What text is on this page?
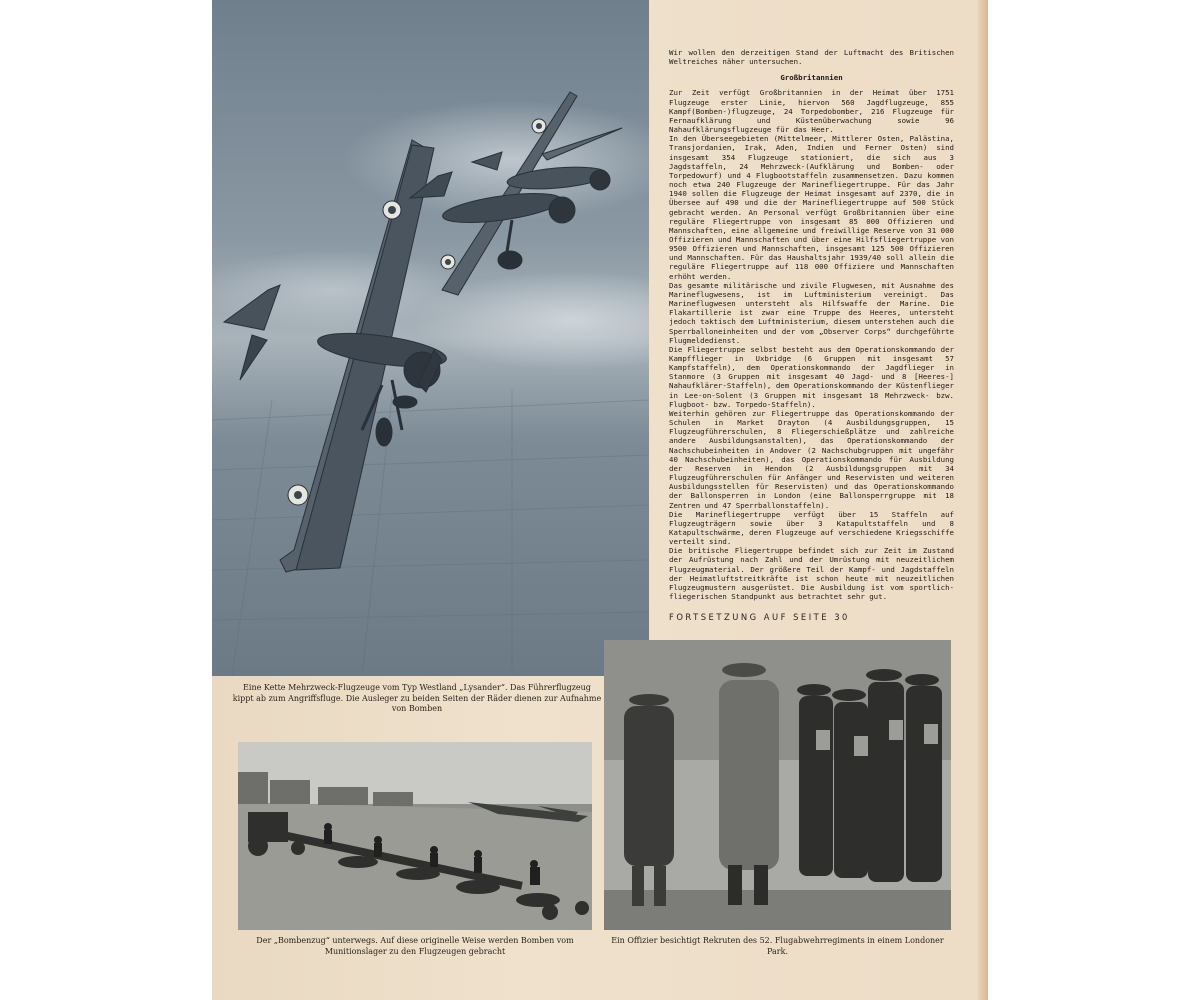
Wir wollen den derzeitigen Stand der Luftmacht des Britischen Weltreiches näher untersuchen.

Großbritannien

Zur Zeit verfügt Großbritannien in der Heimat über 1751 Flugzeuge erster Linie, hiervon 560 Jagdflugzeuge, 855 Kampf(Bomben-)flugzeuge, 24 Torpedobomber, 216 Flugzeuge für Fernaufklärung und Küstenüberwachung sowie 96 Nahaufklärungsflugzeuge für das Heer.

In den Überseegebieten (Mittelmeer, Mittlerer Osten, Palästina, Transjordanien, Irak, Aden, Indien und Ferner Osten) sind insgesamt 354 Flugzeuge stationiert, die sich aus 3 Jagdstaffeln, 24 Mehrzweck-(Aufklärung und Bomben- oder Torpedowurf) und 4 Flugbootstaffeln zusammensetzen. Dazu kommen noch etwa 240 Flugzeuge der Marinefliegertruppe. Für das Jahr 1940 sollen die Flugzeuge der Heimat insgesamt auf 2370, die in Übersee auf 490 und die der Marinefliegertruppe auf 500 Stück gebracht werden. An Personal verfügt Großbritannien über eine reguläre Fliegertruppe von insgesamt 85 000 Offizieren und Mannschaften, eine allgemeine und freiwillige Reserve von 31 000 Offizieren und Mannschaften und über eine Hilfsfliegertruppe von 9500 Offizieren und Mannschaften, insgesamt 125 500 Offizieren und Mannschaften. Für das Haushaltsjahr 1939/40 soll allein die reguläre Fliegertruppe auf 118 000 Offiziere und Mannschaften erhöht werden.

Das gesamte militärische und zivile Flugwesen, mit Ausnahme des Marineflugwesens, ist im Luftministerium vereinigt. Das Marineflugwesen untersteht als Hilfswaffe der Marine. Die Flakartillerie ist zwar eine Truppe des Heeres, untersteht jedoch taktisch dem Luftministerium, diesem unterstehen auch die Sperrballoneinheiten und der vom „Observer Corps“ durchgeführte Flugmeldedienst.

Die Fliegertruppe selbst besteht aus dem Operationskommando der Kampfflieger in Uxbridge (6 Gruppen mit insgesamt 57 Kampfstaffeln), dem Operationskommando der Jagdflieger in Stanmore (3 Gruppen mit insgesamt 40 Jagd- und 8 [Heeres-] Nahaufklärer-Staffeln), dem Operationskommando der Küstenflieger in Lee-on-Solent (3 Gruppen mit insgesamt 18 Mehrzweck- bzw. Flugboot- bzw. Torpedo-Staffeln).

Weiterhin gehören zur Fliegertruppe das Operationskommando der Schulen in Market Drayton (4 Ausbildungsgruppen, 15 Flugzeugführerschulen, 8 Fliegerschießplätze und zahlreiche andere Ausbildungsanstalten), das Operationskommando der Nachschubeinheiten in Andover (2 Nachschubgruppen mit ungefähr 40 Nachschubeinheiten), das Operationskommando für Ausbildung der Reserven in Hendon (2 Ausbildungsgruppen mit 34 Flugzeugführerschulen für Anfänger und Reservisten und weiteren Ausbildungsstellen für Reservisten) und das Operationskommando der Ballonsperren in London (eine Ballonsperrgruppe mit 18 Zentren und 47 Sperrballonstaffeln).

Die Marinefliegertruppe verfügt über 15 Staffeln auf Flugzeugträgern sowie über 3 Katapultstaffeln und 8 Katapultschwärme, deren Flugzeuge auf verschiedene Kriegsschiffe verteilt sind.

Die britische Fliegertruppe befindet sich zur Zeit im Zustand der Aufrüstung nach Zahl und der Umrüstung mit neuzeitlichem Flugzeugmaterial. Der größere Teil der Kampf- und Jagdstaffeln der Heimatluftstreitkräfte ist schon heute mit neuzeitlichen Flugzeugmustern ausgerüstet. Die Ausbildung ist vom sportlich-fliegerischen Standpunkt aus betrachtet sehr gut.

FORTSETZUNG AUF SEITE 30
Eine Kette Mehrzweck-Flugzeuge vom Typ Westland „Lysander“. Das Führerflugzeug kippt ab zum Angriffsfluge. Die Ausleger zu beiden Seiten der Räder dienen zur Aufnahme von Bomben
Der „Bombenzug“ unterwegs. Auf diese originelle Weise werden Bomben vom Munitionslager zu den Flugzeugen gebracht
Ein Offizier besichtigt Rekruten des 52. Flugabwehrregiments in einem Londoner Park.
